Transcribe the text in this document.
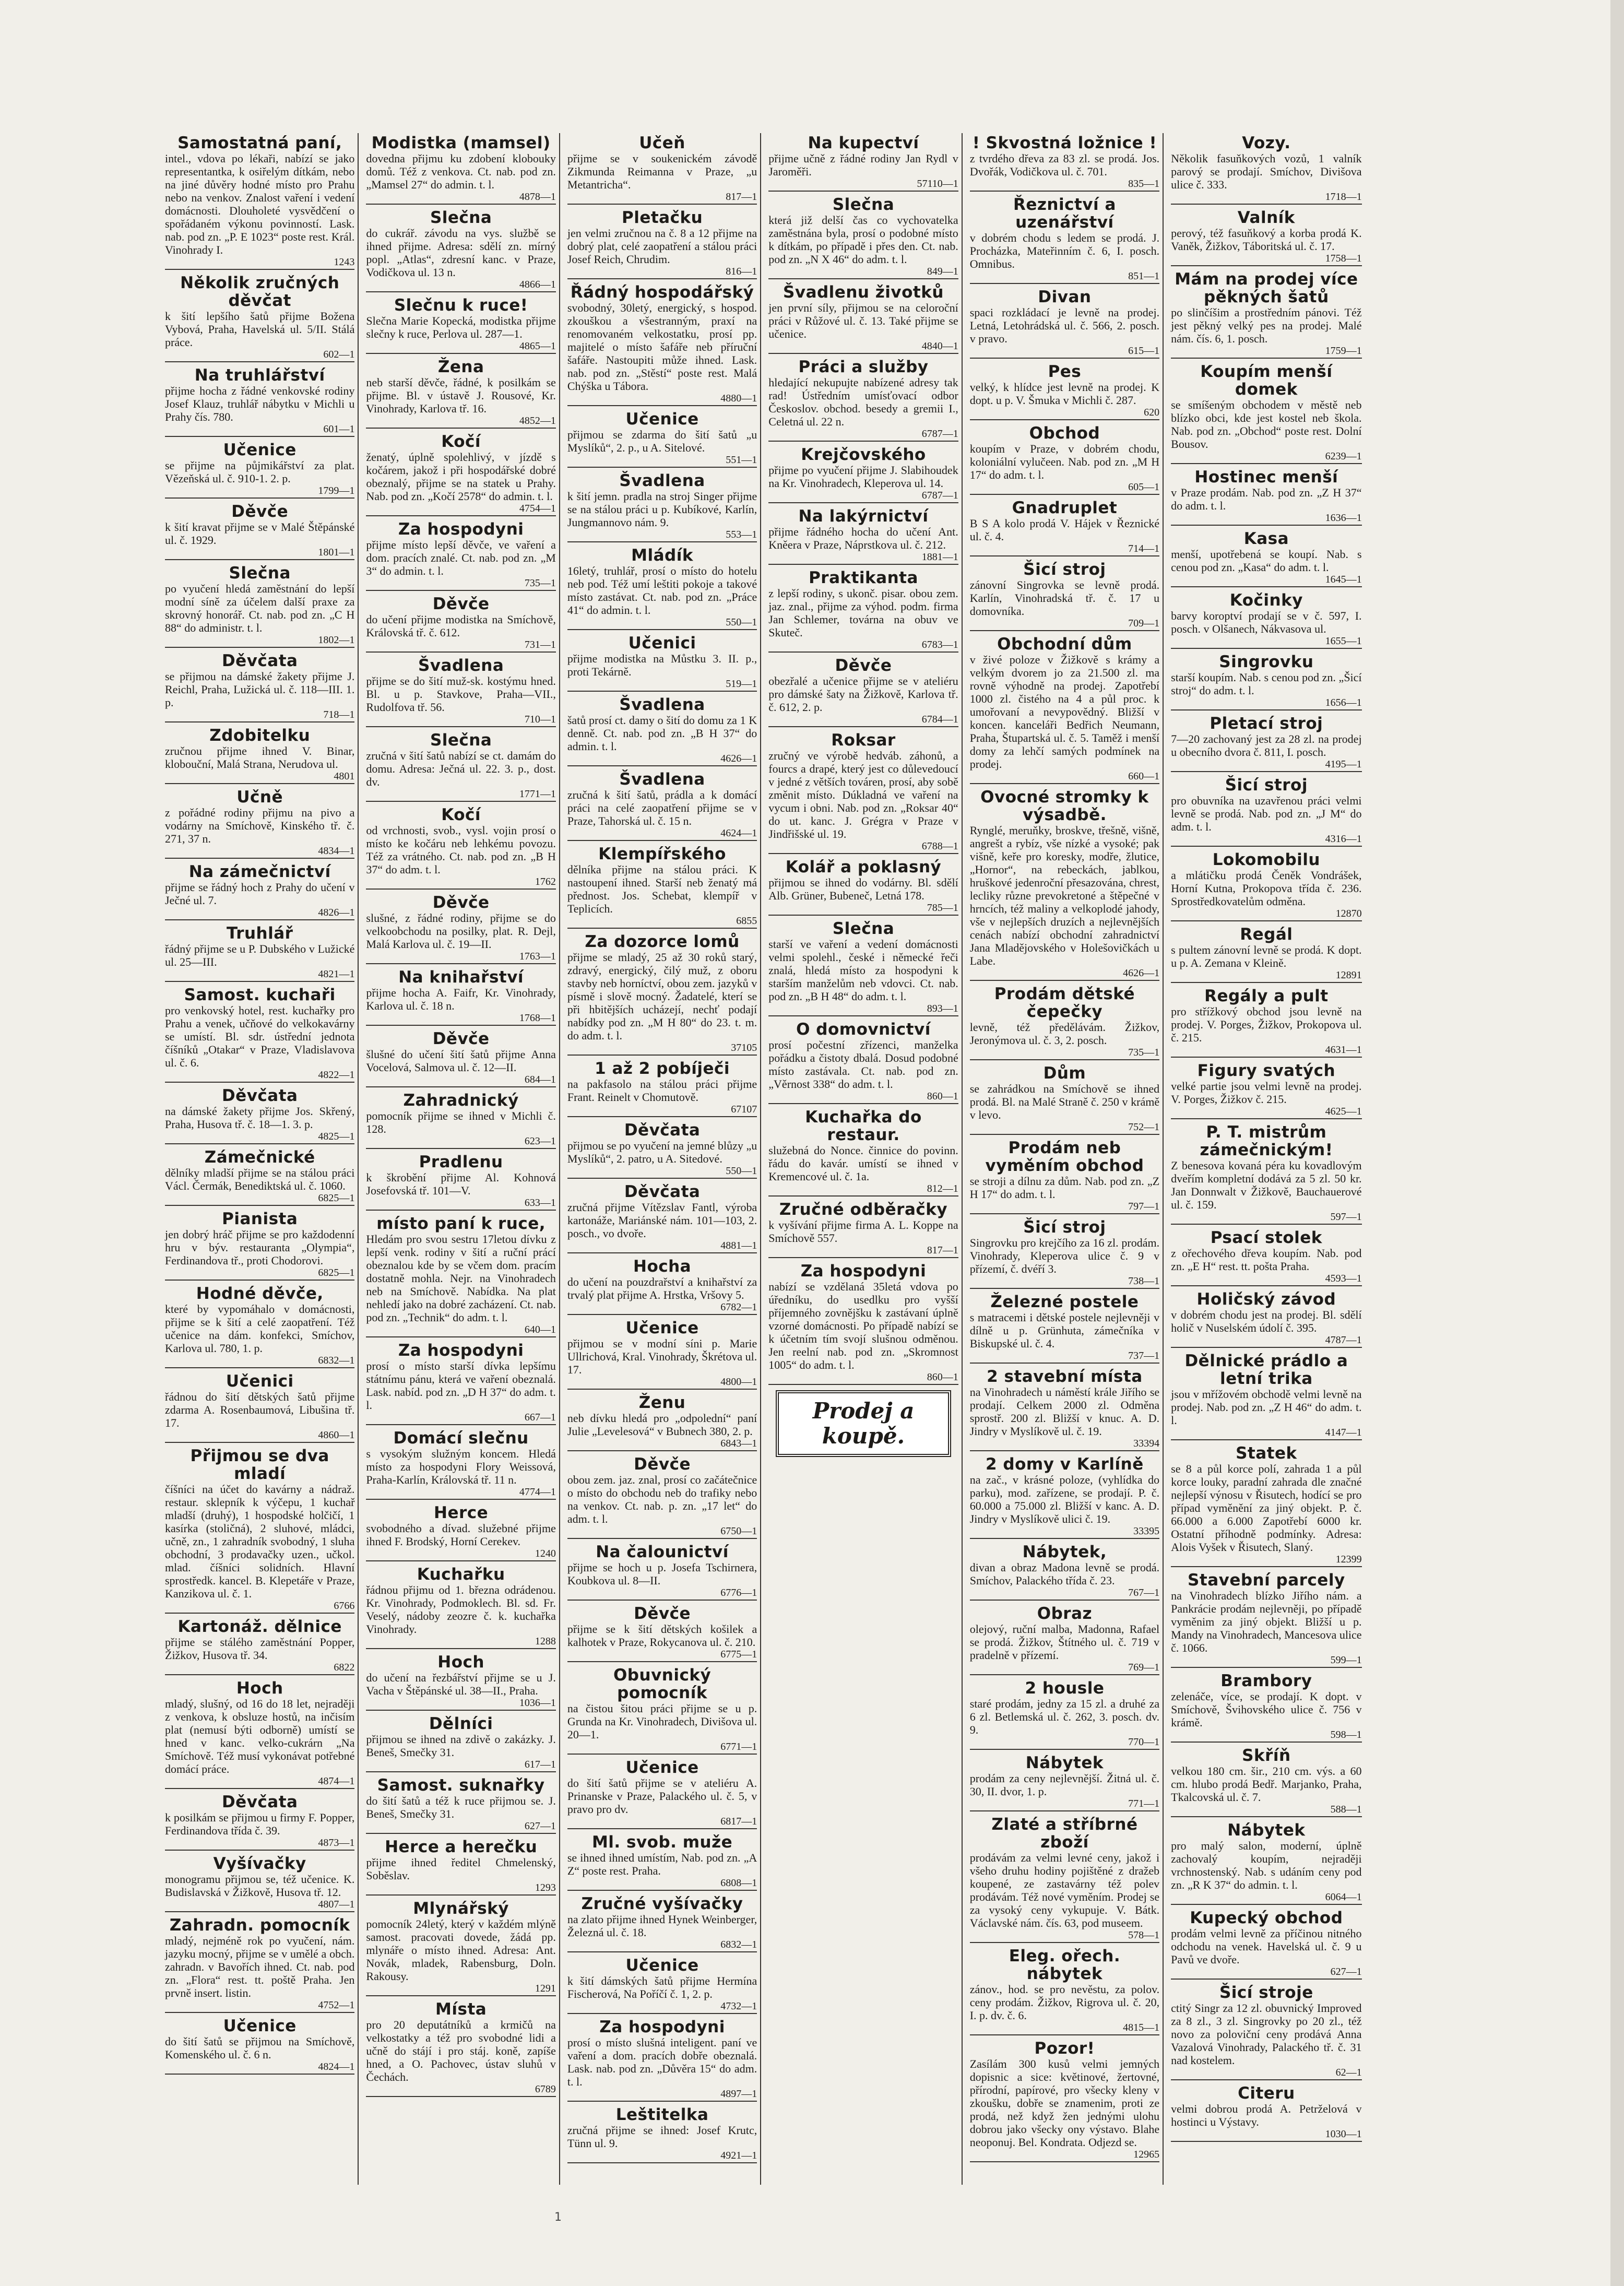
Samostatná paní,

intel., vdova po lékaři, nabízí se jako representantka, k osiřelým dítkám, nebo na jiné důvěry hodné místo pro Prahu nebo na venkov. Znalost vaření i vedení domácnosti. Dlouholeté vysvědčení o spořádaném výkonu povinností. Lask. nab. pod zn. „P. E 1023“ poste rest. Král. Vinohrady I.

1243
Několik zručných děvčat

k šití lepšího šatů přijme Božena Vybová, Praha, Havelská ul. 5/II. Stálá práce.

602—1
Na truhlářství

přijme hocha z řádné venkovské rodiny Josef Klauz, truhlář nábytku v Michli u Prahy čís. 780.

601—1
Učenice

se přijme na půjmikářství za plat. Vězeňská ul. č. 910-1. 2. p.

1799—1
Děvče

k šití kravat přijme se v Malé Štěpánské ul. č. 1929.

1801—1
Slečna

po vyučení hledá zaměstnání do lepší modní síně za účelem další praxe za skrovný honorář. Ct. nab. pod zn. „C H 88“ do administr. t. l.

1802—1
Děvčata

se přijmou na dámské žakety přijme J. Reichl, Praha, Lužická ul. č. 118—III. 1. p.

718—1
Zdobitelku

zručnou přijme ihned V. Binar, klobouční, Malá Strana, Nerudova ul.

4801
Učně

z pořádné rodiny přijmu na pivo a vodárny na Smíchově, Kinského tř. č. 271, 37 n.

4834—1
Na zámečnictví

přijme se řádný hoch z Prahy do učení v Ječné ul. 7.

4826—1
Truhlář

řádný přijme se u P. Dubského v Lužické ul. 25—III.

4821—1
Samost. kuchaři

pro venkovský hotel, rest. kuchařky pro Prahu a venek, učňové do velkokavárny se umístí. Bl. sdr. ústřední jednota číšníků „Otakar“ v Praze, Vladislavova ul. č. 6.

4822—1
Děvčata

na dámské žakety přijme Jos. Skřený, Praha, Husova tř. č. 18—1. 3. p.

4825—1
Zámečnické

dělníky mladší přijme se na stálou práci Václ. Čermák, Benediktská ul. č. 1060.

6825—1
Pianista

jen dobrý hráč přijme se pro každodenní hru v býv. restauranta „Olympia“, Ferdinandova tř., proti Chodorovi.

6825—1
Hodné děvče,

které by vypomáhalo v domácnosti, přijme se k šití a celé zaopatření. Též učenice na dám. konfekci, Smíchov, Karlova ul. 780, 1. p.

6832—1
Učenici

řádnou do šití dětských šatů přijme zdarma A. Rosenbaumová, Libušina tř. 17.

4860—1
Přijmou se dva mladí

číšníci na účet do kavárny a nádraž. restaur. sklepník k výčepu, 1 kuchař mladší (druhý), 1 hospodské holčičí, 1 kasírka (stoličná), 2 sluhové, mládci, učně, zn., 1 zahradník svobodný, 1 sluha obchodní, 3 prodavačky uzen., učkol. mlad. číšníci solidních. Hlavní sprostředk. kancel. B. Klepetáře v Praze, Kanzikova ul. č. 1.

6766
Kartonáž. dělnice

přijme se stálého zaměstnání Popper, Žižkov, Husova tř. 34.

6822
Hoch

mladý, slušný, od 16 do 18 let, nejraději z venkova, k obsluze hostů, na inčisím plat (nemusí býti odborně) umístí se hned v kanc. velko-cukrárn „Na Smíchově. Též musí vykonávat potřebné domácí práce.

4874—1
Děvčata

k posilkám se přijmou u firmy F. Popper, Ferdinandova třída č. 39.

4873—1
Vyšívačky

monogramu přijmou se, též učenice. K. Budislavská v Žižkově, Husova tř. 12.

4807—1
Zahradn. pomocník

mladý, nejméně rok po vyučení, nám. jazyku mocný, přijme se v umělé a obch. zahradn. v Bavořích ihned. Ct. nab. pod zn. „Flora“ rest. tt. poště Praha. Jen prvně insert. listin.

4752—1
Učenice

do šití šatů se přijmou na Smíchově, Komenského ul. č. 6 n.

4824—1
Modistka (mamsel)

dovedna přijmu ku zdobení klobouky domů. Též z venkova. Ct. nab. pod zn. „Mamsel 27“ do admin. t. l.

4878—1
Slečna

do cukrář. závodu na vys. službě se ihned přijme. Adresa: sdělí zn. mírný popl. „Atlas“, zdresní kanc. v Praze, Vodičkova ul. 13 n.

4866—1
Slečnu k ruce!

Slečna Marie Kopecká, modistka přijme slečny k ruce, Perlova ul. 287—1.

4865—1
Žena

neb starší děvče, řádné, k posilkám se přijme. Bl. v ústavě J. Rousové, Kr. Vinohrady, Karlova tř. 16.

4852—1
Kočí

ženatý, úplně spolehlivý, v jízdě s kočárem, jakož i při hospodářské dobré obeznalý, přijme se na statek u Prahy. Nab. pod zn. „Kočí 2578“ do admin. t. l.

4754—1
Za hospodyni

přijme místo lepší děvče, ve vaření a dom. pracích znalé. Ct. nab. pod zn. „M 3“ do admin. t. l.

735—1
Děvče

do učení přijme modistka na Smíchově, Královská tř. č. 612.

731—1
Švadlena

přijme se do šití muž-sk. kostýmu hned. Bl. u p. Stavkove, Praha—VII., Rudolfova tř. 56.

710—1
Slečna

zručná v šití šatů nabízí se ct. damám do domu. Adresa: Ječná ul. 22. 3. p., dost. dv.

1771—1
Kočí

od vrchnosti, svob., vysl. vojin prosí o místo ke kočáru neb lehkému povozu. Též za vrátného. Ct. nab. pod zn. „B H 37“ do adm. t. l.

1762
Děvče

slušné, z řádné rodiny, přijme se do velkoobchodu na posilky, plat. R. Dejl, Malá Karlova ul. č. 19—II.

1763—1
Na knihařství

přijme hocha A. Faifr, Kr. Vinohrady, Karlova ul. č. 18 n.

1768—1
Děvče

šlušné do učení šití šatů přijme Anna Vocelová, Salmova ul. č. 12—II.

684—1
Zahradnický

pomocník přijme se ihned v Michli č. 128.

623—1
Pradlenu

k škrobění přijme Al. Kohnová Josefovská tř. 101—V.

633—1
místo paní k ruce,

Hledám pro svou sestru 17letou dívku z lepší venk. rodiny v šití a ruční prácí obeznalou kde by se včem dom. pracím dostatně mohla. Nejr. na Vinohradech neb na Smíchově. Nabídka. Na plat nehledí jako na dobré zacházení. Ct. nab. pod zn. „Technik“ do adm. t. l.

640—1
Za hospodyni

prosí o místo starší dívka lepšímu státnímu pánu, která ve vaření obeznalá. Lask. nabíd. pod zn. „D H 37“ do adm. t. l.

667—1
Domácí slečnu

s vysokým služným koncem. Hledá místo za hospodyni Flory Weissová, Praha-Karlín, Královská tř. 11 n.

4774—1
Herce

svobodného a dívad. služebné přijme ihned F. Brodský, Horní Cerekev.

1240
Kuchařku

řádnou přijmu od 1. března odrádenou. Kr. Vinohrady, Podmoklech. Bl. sd. Fr. Veselý, nádoby zeozre č. k. kuchařka Vinohrady.

1288
Hoch

do učení na řezbářství přijme se u J. Vacha v Štěpánské ul. 38—II., Praha.

1036—1
Dělníci

přijmou se ihned na zdivě o zakázky. J. Beneš, Smečky 31.

617—1
Samost. suknařky

do šití šatů a též k ruce přijmou se. J. Beneš, Smečky 31.

627—1
Herce a herečku

přijme ihned ředitel Chmelenský, Soběslav.

1293
Mlynářský

pomocník 24letý, který v každém mlýně samost. pracovati dovede, žádá pp. mlynáře o místo ihned. Adresa: Ant. Novák, mladek, Rabensburg, Doln. Rakousy.

1291
Místa

pro 20 deputátníků a krmičů na velkostatky a též pro svobodné lidi a učně do stájí i pro stáj. koně, zapíše hned, a O. Pachovec, ústav sluhů v Čechách.

6789
Učeň

přijme se v soukenickém závodě Zikmunda Reimanna v Praze, „u Metantricha“.

817—1
Pletačku

jen velmi zručnou na č. 8 a 12 přijme na dobrý plat, celé zaopatření a stálou práci Josef Reich, Chrudim.

816—1
Řádný hospodářský

svobodný, 30letý, energický, s hospod. zkouškou a všestranným, praxí na renomovaném velkostatku, prosí pp. majitelé o místo šafáře neb příruční šafáře. Nastoupiti může ihned. Lask. nab. pod zn. „Stěstí“ poste rest. Malá Chýška u Tábora.

4880—1
Učenice

přijmou se zdarma do šití šatů „u Myslíků“, 2. p., u A. Sitelové.

551—1
Švadlena

k šití jemn. pradla na stroj Singer přijme se na stálou práci u p. Kubíkové, Karlín, Jungmannovo nám. 9.

553—1
Mládík

16letý, truhlář, prosí o místo do hotelu neb pod. Též umí leštiti pokoje a takové místo zastávat. Ct. nab. pod zn. „Práce 41“ do admin. t. l.

550—1
Učenici

přijme modistka na Můstku 3. II. p., proti Tekárně.

519—1
Švadlena

šatů prosí ct. damy o šití do domu za 1 K denně. Ct. nab. pod zn. „B H 37“ do admin. t. l.

4626—1
Švadlena

zručná k šití šatů, prádla a k domácí práci na celé zaopatření přijme se v Praze, Tahorská ul. č. 15 n.

4624—1
Klempířského

dělníka přijme na stálou práci. K nastoupení ihned. Starší neb ženatý má přednost. Jos. Schebat, klempíř v Teplicích.

6855
Za dozorce lomů

přijme se mladý, 25 až 30 roků starý, zdravý, energický, čilý muž, z oboru stavby neb horníctví, obou zem. jazyků v písmě i slově mocný. Žadatelé, kterí se při hbitějších ucházejí, nechť podají nabídky pod zn. „M H 80“ do 23. t. m. do adm. t. l.

37105
1 až 2 pobíječi

na pakfasolo na stálou práci přijme Frant. Reinelt v Chomutově.

67107
Děvčata

přijmou se po vyučení na jemné blůzy „u Myslíků“, 2. patro, u A. Sitedové.

550—1
Děvčata

zručná přijme Vítězslav Fantl, výroba kartonáže, Mariánské nám. 101—103, 2. posch., vo dvoře.

4881—1
Hocha

do učení na pouzdrařství a knihařství za trvalý plat přijme A. Hrstka, Vršovy 5.

6782—1
Učenice

přijmou se v modní síni p. Marie Ullrichová, Kral. Vinohrady, Škrétova ul. 17.

4800—1
Ženu

neb dívku hledá pro „odpolední“ paní Julie „Levelesová“ v Bubnech 380, 2. p.

6843—1
Děvče

obou zem. jaz. znal, prosí co začátečnice o místo do obchodu neb do trafiky nebo na venkov. Ct. nab. p. zn. „17 let“ do adm. t. l.

6750—1
Na čalounictví

přijme se hoch u p. Josefa Tschirnera, Koubkova ul. 8—II.

6776—1
Děvče

přijme se k šití dětských košilek a kalhotek v Praze, Rokycanova ul. č. 210.

6775—1
Obuvnický pomocník

na čistou šitou práci přijme se u p. Grunda na Kr. Vinohradech, Divišova ul. 20—1.

6771—1
Učenice

do šití šatů přijme se v ateliéru A. Prinanske v Praze, Palackého ul. č. 5, v pravo pro dv.

6817—1
Ml. svob. muže

se ihned ihned umístím, Nab. pod zn. „A Z“ poste rest. Praha.

6808—1
Zručné vyšívačky

na zlato přijme ihned Hynek Weinberger, Železná ul. č. 18.

6832—1
Učenice

k šití dámských šatů přijme Hermína Fischerová, Na Poříčí č. 1, 2. p.

4732—1
Za hospodyni

prosí o místo slušná inteligent. paní ve vaření a dom. pracích dobře obeznalá. Lask. nab. pod zn. „Důvěra 15“ do adm. t. l.

4897—1
Leštitelka

zručná přijme se ihned: Josef Krutc, Tünn ul. 9.

4921—1
Na kupectví

přijme učně z řádné rodiny Jan Rydl v Jaroměři.

57110—1
Slečna

která již delší čas co vychovatelka zaměstnána byla, prosí o podobné místo k dítkám, po případě i přes den. Ct. nab. pod zn. „N X 46“ do adm. t. l.

849—1
Švadlenu životků

jen první síly, přijmou se na celoroční práci v Růžové ul. č. 13. Také přijme se učenice.

4840—1
Práci a služby

hledající nekupujte nabízené adresy tak rad! Ústředním umísťovací odbor Českoslov. obchod. besedy a gremii I., Celetná ul. 22 n.

6787—1
Krejčovského

přijme po vyučení přijme J. Slabihoudek na Kr. Vinohradech, Kleperova ul. 14.

6787—1
Na lakýrnictví

přijme řádného hocha do učení Ant. Kněera v Praze, Náprstkova ul. č. 212.

1881—1
Praktikanta

z lepší rodiny, s ukonč. pisar. obou zem. jaz. znal., přijme za výhod. podm. firma Jan Schlemer, továrna na obuv ve Skuteč.

6783—1
Děvče

obezřalé a učenice přijme se v ateliéru pro dámské šaty na Žižkově, Karlova tř. č. 612, 2. p.

6784—1
Roksar

zručný ve výrobě hedváb. záhonů, a fourcs a drapé, který jest co důlevedoucí v jedné z větších továren, prosí, aby sobě změnit místo. Dúkladná ve vaření na vycum i obni. Nab. pod zn. „Roksar 40“ do ut. kanc. J. Grégra v Praze v Jindřišské ul. 19.

6788—1
Kolář a poklasný

přijmou se ihned do vodárny. Bl. sdělí Alb. Grüner, Bubeneč, Letná 178.

785—1
Slečna

starší ve vaření a vedení domácnosti velmi spolehl., české i německé řeči znalá, hledá místo za hospodyni k starším manželům neb vdovci. Ct. nab. pod zn. „B H 48“ do adm. t. l.

893—1
O domovnictví

prosí počestní zřízenci, manželka pořádku a čistoty dbalá. Dosud podobné místo zastávala. Ct. nab. pod zn. „Věrnost 338“ do adm. t. l.

860—1
Kuchařka do restaur.

služebná do Nonce. činnice do povinn. řádu do kavár. umístí se ihned v Kremencové ul. č. 1a.

812—1
Zručné odběračky

k vyšívání přijme firma A. L. Koppe na Smíchově 557.

817—1
Za hospodyni

nabízí se vzdělaná 35letá vdova po úředníku, do usedlku pro vyšší příjemného zovnějšku k zastávaní úplně vzorné domácnosti. Po případě nabízí se k účetním tím svojí slušnou odměnou. Jen reelní nab. pod zn. „Skromnost 1005“ do adm. t. l.

860—1
Prodej a koupě.
! Skvostná ložnice !

z tvrdého dřeva za 83 zl. se prodá. Jos. Dvořák, Vodičkova ul. č. 701.

835—1
Řeznictví a uzenářství

v dobrém chodu s ledem se prodá. J. Procházka, Mateřinním č. 6, I. posch. Omnibus.

851—1
Divan

spaci rozkládací je levně na prodej. Letná, Letohrádská ul. č. 566, 2. posch. v pravo.

615—1
Pes

velký, k hlídce jest levně na prodej. K dopt. u p. V. Šmuka v Michli č. 287.

620
Obchod

koupím v Praze, v dobrém chodu, koloniální vylučeen. Nab. pod zn. „M H 17“ do adm. t. l.

605—1
Gnadruplet

B S A kolo prodá V. Hájek v Řeznické ul. č. 4.

714—1
Šicí stroj

zánovní Singrovka se levně prodá. Karlín, Vinohradská tř. č. 17 u domovníka.

709—1
Obchodní dům

v živé poloze v Žižkově s krámy a velkým dvorem jo za 21.500 zl. ma rovně výhodně na prodej. Zapotřebí 1000 zl. čistého na 4 a půl proc. k umořovaní a nevypovědný. Bližší v koncen. kanceláři Bedřich Neumann, Praha, Štupartská ul. č. 5. Taměž i menší domy za lehčí samých podmínek na prodej.

660—1
Ovocné stromky k výsadbě.

Rynglé, meruňky, broskve, třešně, višně, angrešt a rybíz, vše nízké a vysoké; pak višně, keře pro koresky, modře, žlutice, „Hornor“, na rebeckách, jablkou, hruškové jedenroční přesazována, chrest, lecliky různe prevokretoné a štěpečné v hrncích, též maliny a velkoplodé jahody, vše v nejlepších druzích a nejlevnějších cenách nabízí obchodní zahradnictví Jana Mladějovského v Holešovičkách u Labe.

4626—1
Prodám dětské čepečky

levně, též předělávám. Žižkov, Jeronýmova ul. č. 3, 2. posch.

735—1
Dům

se zahrádkou na Smíchově se ihned prodá. Bl. na Malé Straně č. 250 v krámě v levo.

752—1
Prodám neb vyměním obchod

se stroji a dílnu za dům. Nab. pod zn. „Z H 17“ do adm. t. l.

797—1
Šicí stroj

Singrovku pro krejčího za 16 zl. prodám. Vinohrady, Kleperova ulice č. 9 v přízemí, č. dvéří 3.

738—1
Železné postele

s matracemi i dětské postele nejlevněji v dílně u p. Grünhuta, zámečníka v Biskupské ul. č. 4.

737—1
2 stavební místa

na Vinohradech u náměstí krále Jiřího se prodají. Celkem 2000 zl. Odměna sprostř. 200 zl. Bližší v knuc. A. D. Jindry v Myslíkově ul. č. 19.

33394
2 domy v Karlíně

na zač., v krásné poloze, (vyhlídka do parku), mod. zařízene, se prodají. P. č. 60.000 a 75.000 zl. Bližší v kanc. A. D. Jindry v Myslíkově ulici č. 19.

33395
Nábytek,

divan a obraz Madona levně se prodá. Smíchov, Palackého třída č. 23.

767—1
Obraz

olejový, ruční malba, Madonna, Rafael se prodá. Žižkov, Štítného ul. č. 719 v pradelně v přízemí.

769—1
2 housle

staré prodám, jedny za 15 zl. a druhé za 6 zl. Betlemská ul. č. 262, 3. posch. dv. 9.

770—1
Nábytek

prodám za ceny nejlevnější. Žitná ul. č. 30, II. dvor, 1. p.

771—1
Zlaté a stříbrné zboží

prodávám za velmi levné ceny, jakož i všeho druhu hodiny pojištěné z dražeb koupené, ze zastavárny též polev prodávám. Též nové vyměním. Prodej se za vysoký ceny vykupuje. V. Bátk. Václavské nám. čís. 63, pod museem.

578—1
Eleg. ořech. nábytek

zánov., hod. se pro nevěstu, za polov. ceny prodám. Žižkov, Rigrova ul. č. 20, I. p. dv. č. 6.

4815—1
Pozor!

Zasílám 300 kusů velmi jemných dopisnic a sice: květinové, žertovné, přírodní, papírové, pro všecky kleny v zkoušku, dobře se znamenim, proti ze prodá, než když žen jednými ulohu dobrou jako všecky ony výstavo. Blahe neoponuj. Bel. Kondrata. Odjezd se.

12965
Vozy.

Několik fasuňkových vozů, 1 valník parový se prodají. Smíchov, Divišova ulice č. 333.

1718—1
Valník

perový, též fasuňkový a korba prodá K. Vaněk, Žižkov, Táboritská ul. č. 17.

1758—1
Mám na prodej více pěkných šatů

po slinčíšim a prostředním pánovi. Též jest pěkný velký pes na prodej. Malé nám. čís. 6, 1. posch.

1759—1
Koupím menší domek

se smíšeným obchodem v městě neb blízko obci, kde jest kostel neb škola. Nab. pod zn. „Obchod“ poste rest. Dolní Bousov.

6239—1
Hostinec menší

v Praze prodám. Nab. pod zn. „Z H 37“ do adm. t. l.

1636—1
Kasa

menší, upotřebená se koupí. Nab. s cenou pod zn. „Kasa“ do adm. t. l.

1645—1
Kočinky

barvy koroptví prodají se v č. 597, I. posch. v Olšanech, Nákvasova ul.

1655—1
Singrovku

starší koupím. Nab. s cenou pod zn. „Šicí stroj“ do adm. t. l.

1656—1
Pletací stroj

7—20 zachovaný jest za 28 zl. na prodej u obecního dvora č. 811, I. posch.

4195—1
Šicí stroj

pro obuvníka na uzavřenou práci velmi levně se prodá. Nab. pod zn. „J M“ do adm. t. l.

4316—1
Lokomobilu

a mlátičku prodá Čeněk Vondrášek, Horní Kutna, Prokopova třída č. 236. Sprostředkovatelům odměna.

12870
Regál

s pultem zánovní levně se prodá. K dopt. u p. A. Zemana v Kleině.

12891
Regály a pult

pro střížkový obchod jsou levně na prodej. V. Porges, Žižkov, Prokopova ul. č. 215.

4631—1
Figury svatých

velké partie jsou velmi levně na prodej. V. Porges, Žižkov č. 215.

4625—1
P. T. mistrům zámečnickým!

Z benesova kovaná péra ku kovadlovým dveřím kompletní dodává za 5 zl. 50 kr. Jan Donnwalt v Žižkově, Bauchauerové ul. č. 159.

597—1
Psací stolek

z ořechového dřeva koupím. Nab. pod zn. „E H“ rest. tt. pošta Praha.

4593—1
Holičský závod

v dobrém chodu jest na prodej. Bl. sdělí holič v Nuselském údolí č. 395.

4787—1
Dělnické prádlo a letní trika

jsou v mřížovém obchodě velmi levně na prodej. Nab. pod zn. „Z H 46“ do adm. t. l.

4147—1
Statek

se 8 a půl korce polí, zahrada 1 a půl korce louky, paradní zahrada dle značné nejlepší výnosu v Řisutech, hodící se pro případ vyměnění za jiný objekt. P. č. 66.000 a 6.000 Zapotřebí 6000 kr. Ostatní příhodně podmínky. Adresa: Alois Vyšek v Řisutech, Slaný.

12399
Stavební parcely

na Vinohradech blízko Jiřího nám. a Pankrácie prodám nejlevněji, po případě vyměnim za jiný objekt. Bližší u p. Mandy na Vinohradech, Mancesova ulice č. 1066.

599—1
Brambory

zelenáče, více, se prodají. K dopt. v Smíchově, Švihovského ulice č. 756 v krámě.

598—1
Skříň

velkou 180 cm. šir., 210 cm. výs. a 60 cm. hlubo prodá Bedř. Marjanko, Praha, Tkalcovská ul. č. 7.

588—1
Nábytek

pro malý salon, moderní, úplně zachovalý koupím, nejraději vrchnostenský. Nab. s udáním ceny pod zn. „R K 37“ do admin. t. l.

6064—1
Kupecký obchod

prodám velmi levně za příčinou nitného odchodu na venek. Havelská ul. č. 9 u Pavů ve dvoře.

627—1
Šicí stroje

ctitý Singr za 12 zl. obuvnický Improved za 8 zl., 3 zl. Singrovky po 20 zl., též novo za poloviční ceny prodává Anna Vazalová Vinohrady, Palackého tř. č. 31 nad kostelem.

62—1
Citeru

velmi dobrou prodá A. Petrželová v hostinci u Výstavy.

1030—1
1
